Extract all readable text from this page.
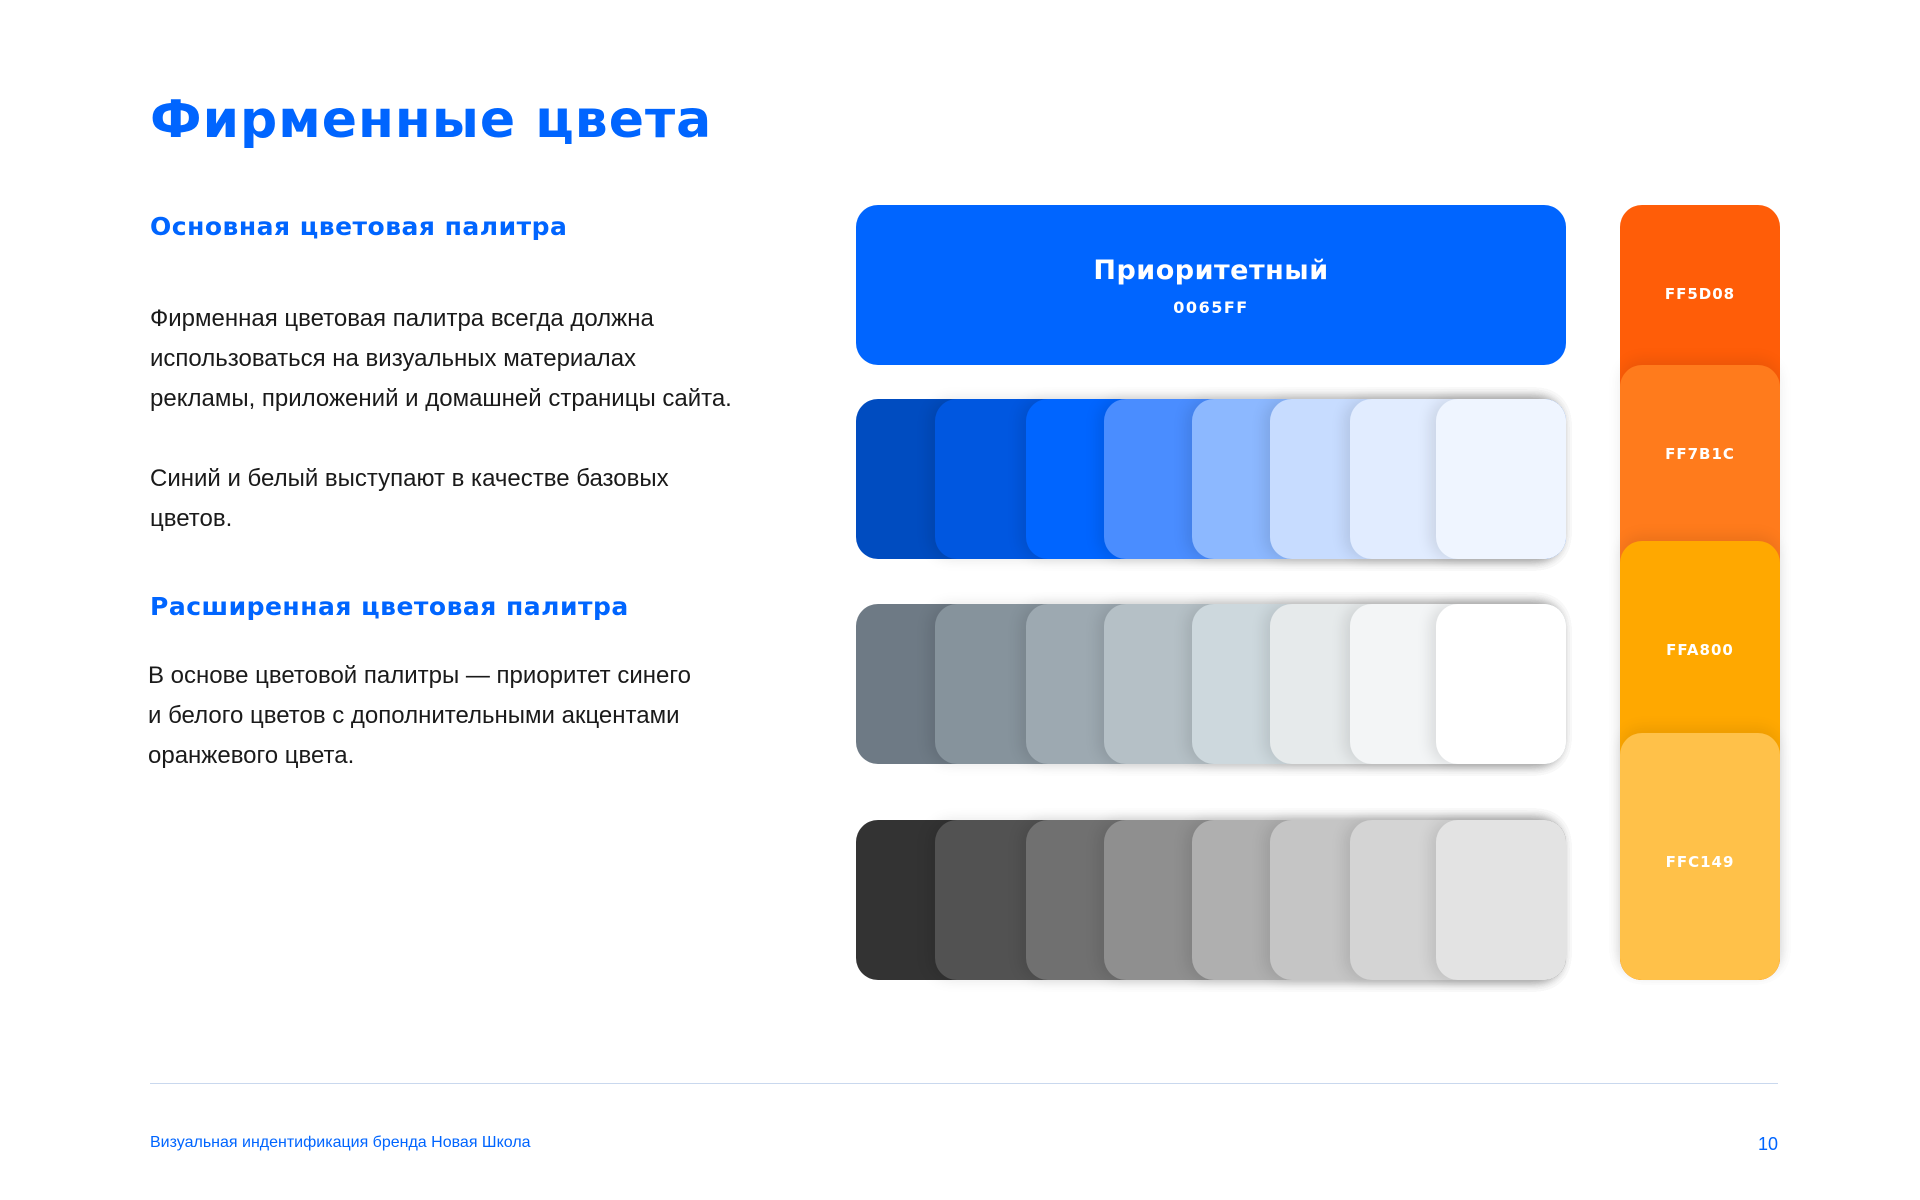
Фирменные цвета
Основная цветовая палитра

Фирменная цветовая палитра всегда должна
использоваться на визуальных материалах
рекламы, приложений и домашней страницы сайта.

Синий и белый выступают в качестве базовых
цветов.

Расширенная цветовая палитра

В основе цветовой палитры — приоритет синего
и белого цветов с дополнительными акцентами
оранжевого цвета.

Приоритетный
0065FF
FF5D08
FF7B1C
FFA800
FFC149
Визуальная индентификация бренда Новая Школа	10
